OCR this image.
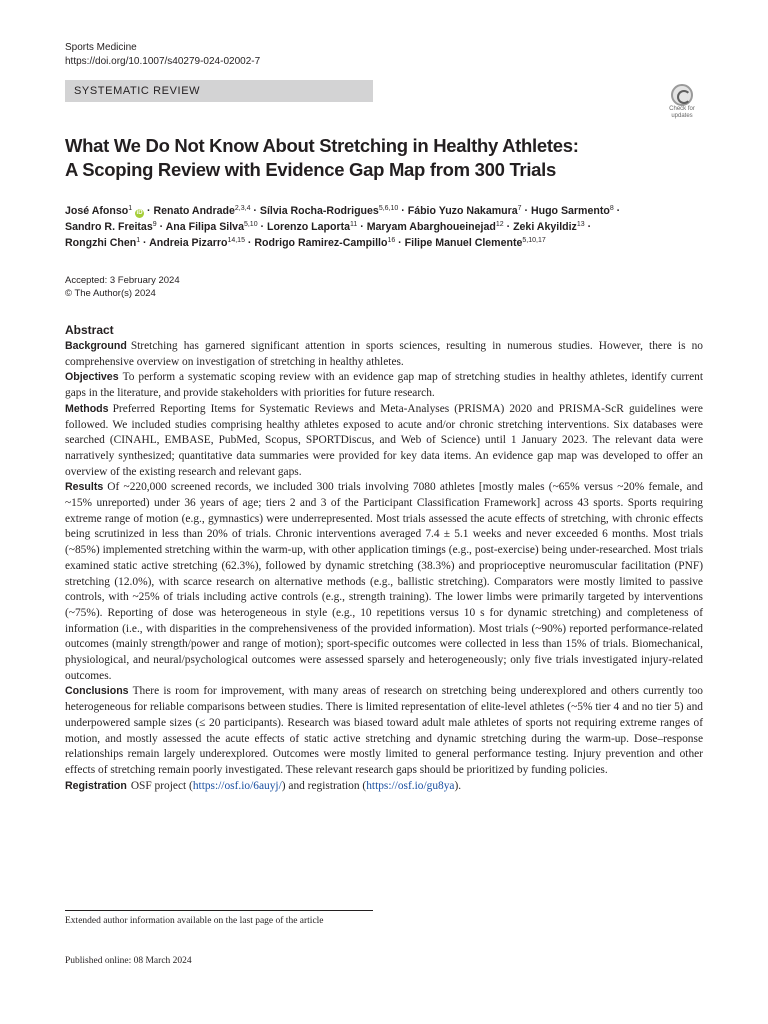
Sports Medicine
https://doi.org/10.1007/s40279-024-02002-7
SYSTEMATIC REVIEW
Check for
updates
What We Do Not Know About Stretching in Healthy Athletes:
A Scoping Review with Evidence Gap Map from 300 Trials
José Afonso$^1$ iD · Renato Andrade$^{2,3,4}$ · Sílvia Rocha-Rodrigues$^{5,6,10}$ · Fábio Yuzo Nakamura$^7$ · Hugo Sarmento$^8$ ·
Sandro R. Freitas$^9$ · Ana Filipa Silva$^{5,10}$ · Lorenzo Laporta$^{11}$ · Maryam Abarghoueinejad$^{12}$ · Zeki Akyildiz$^{13}$ ·
Rongzhi Chen$^1$ · Andreia Pizarro$^{14,15}$ · Rodrigo Ramirez-Campillo$^{16}$ · Filipe Manuel Clemente$^{5,10,17}$
Accepted: 3 February 2024
© The Author(s) 2024
Abstract

Background Stretching has garnered significant attention in sports sciences, resulting in numerous studies. However, there is no comprehensive overview on investigation of stretching in healthy athletes.

Objectives To perform a systematic scoping review with an evidence gap map of stretching studies in healthy athletes, identify current gaps in the literature, and provide stakeholders with priorities for future research.

Methods Preferred Reporting Items for Systematic Reviews and Meta-Analyses (PRISMA) 2020 and PRISMA-ScR guidelines were followed. We included studies comprising healthy athletes exposed to acute and/or chronic stretching interventions. Six databases were searched (CINAHL, EMBASE, PubMed, Scopus, SPORTDiscus, and Web of Science) until 1 January 2023. The relevant data were narratively synthesized; quantitative data summaries were provided for key data items. An evidence gap map was developed to offer an overview of the existing research and relevant gaps.

Results Of ~220,000 screened records, we included 300 trials involving 7080 athletes [mostly males (~65% versus ~20% female, and ~15% unreported) under 36 years of age; tiers 2 and 3 of the Participant Classification Framework] across 43 sports. Sports requiring extreme range of motion (e.g., gymnastics) were underrepresented. Most trials assessed the acute effects of stretching, with chronic effects being scrutinized in less than 20% of trials. Chronic interventions averaged 7.4 ± 5.1 weeks and never exceeded 6 months. Most trials (~85%) implemented stretching within the warm-up, with other application timings (e.g., post-exercise) being under-researched. Most trials examined static active stretching (62.3%), followed by dynamic stretching (38.3%) and proprioceptive neuromuscular facilitation (PNF) stretching (12.0%), with scarce research on alternative methods (e.g., ballistic stretching). Comparators were mostly limited to passive controls, with ~25% of trials including active controls (e.g., strength training). The lower limbs were primarily targeted by interventions (~75%). Reporting of dose was heterogeneous in style (e.g., 10 repetitions versus 10 s for dynamic stretching) and completeness of information (i.e., with disparities in the comprehensiveness of the provided information). Most trials (~90%) reported performance-related outcomes (mainly strength/power and range of motion); sport-specific outcomes were collected in less than 15% of trials. Biomechanical, physiological, and neural/psychological outcomes were assessed sparsely and heterogeneously; only five trials investigated injury-related outcomes.

Conclusions There is room for improvement, with many areas of research on stretching being underexplored and others currently too heterogeneous for reliable comparisons between studies. There is limited representation of elite-level athletes (~5% tier 4 and no tier 5) and underpowered sample sizes (≤ 20 participants). Research was biased toward adult male athletes of sports not requiring extreme ranges of motion, and mostly assessed the acute effects of static active stretching and dynamic stretching during the warm-up. Dose–response relationships remain largely underexplored. Outcomes were mostly limited to general performance testing. Injury prevention and other effects of stretching remain poorly investigated. These relevant research gaps should be prioritized by funding policies.

Registration OSF project (https://osf.io/6auyj/) and registration (https://osf.io/gu8ya).

Extended author information available on the last page of the article
Published online: 08 March 2024
